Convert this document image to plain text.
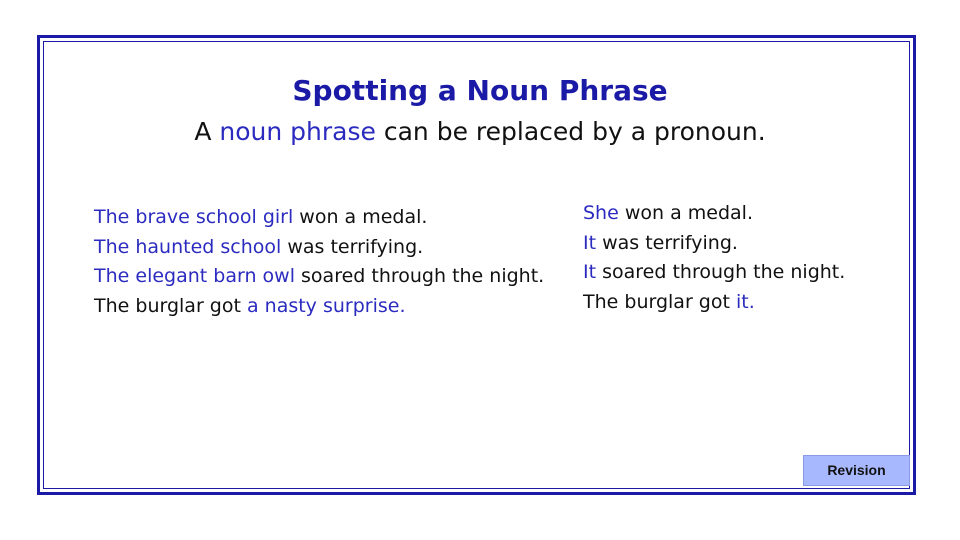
Spotting a Noun Phrase
A noun phrase can be replaced by a pronoun.
The brave school girl won a medal.
The haunted school was terrifying.
The elegant barn owl soared through the night.
The burglar got a nasty surprise.
She won a medal.
It was terrifying.
It soared through the night.
The burglar got it.
Revision
